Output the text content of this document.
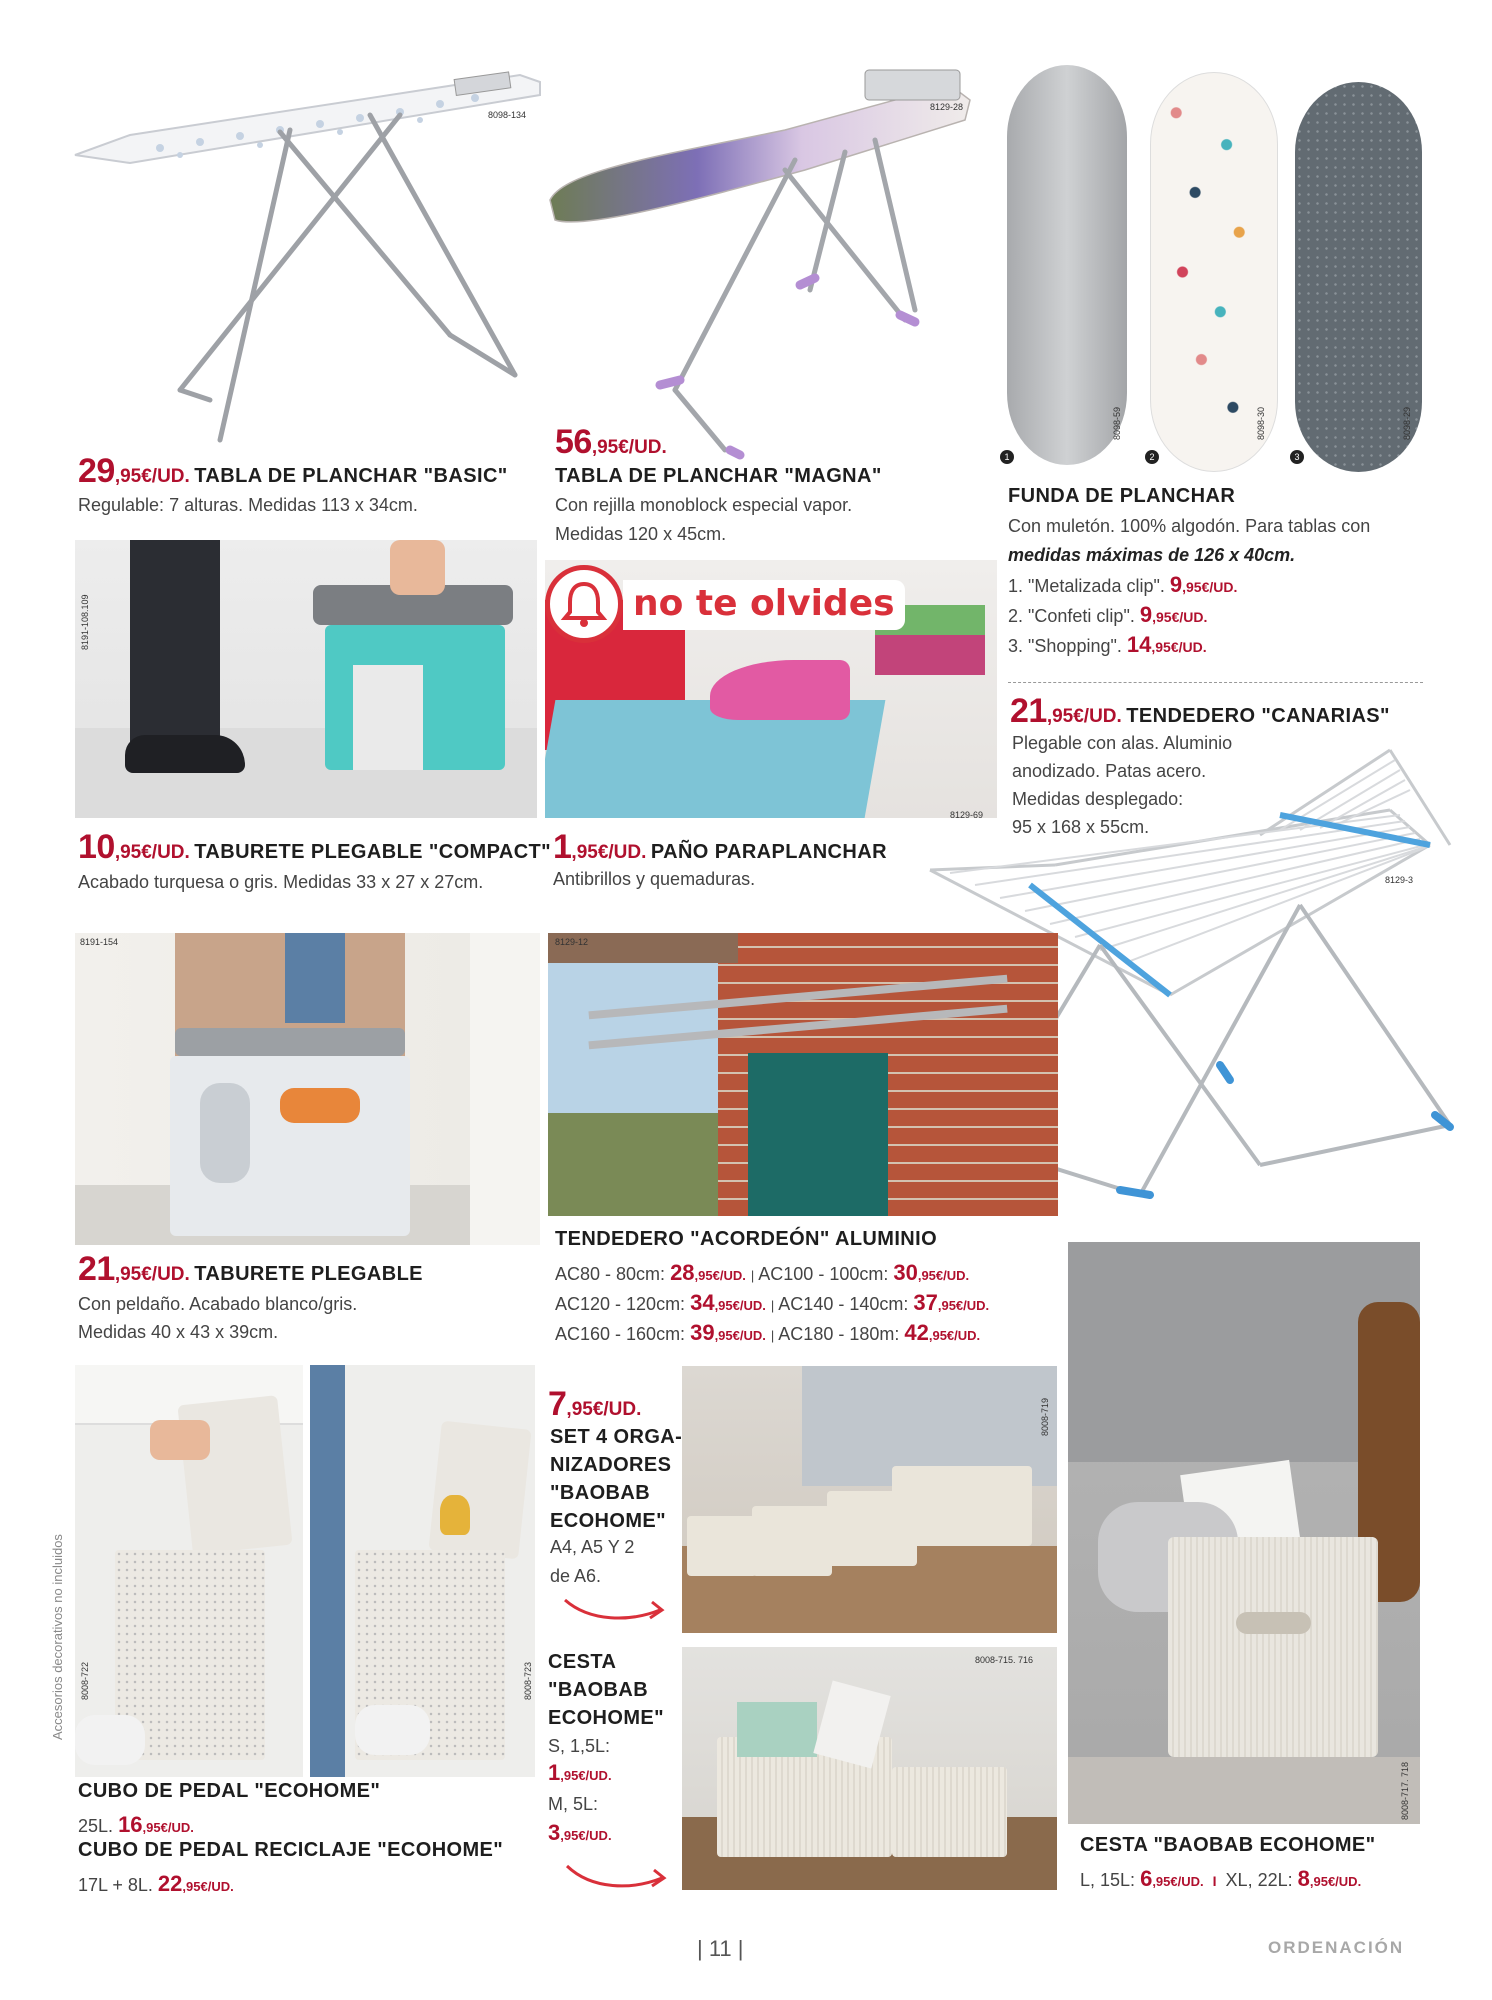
8098-134
8129-28
8098-59	8098-30	8098-29
1	2	3
29,95€/UD. TABLA DE PLANCHAR "BASIC"
Regulable: 7 alturas. Medidas 113 x 34cm.
56,95€/UD.
TABLA DE PLANCHAR "MAGNA"
Con rejilla monoblock especial vapor.
Medidas 120 x 45cm.
FUNDA DE PLANCHAR
Con muletón. 100% algodón. Para tablas con
medidas máximas de 126 x 40cm.
1. "Metalizada clip". 9,95€/UD.
2. "Confeti clip". 9,95€/UD.
3. "Shopping". 14,95€/UD.
8191-108.109
8129-69
no te olvides
8129-3
21,95€/UD. TENDEDERO "CANARIAS"
Plegable con alas. Aluminio
anodizado. Patas acero.
Medidas desplegado:
95 x 168 x 55cm.
10,95€/UD. TABURETE PLEGABLE "COMPACT"
Acabado turquesa o gris. Medidas 33 x 27 x 27cm.
1,95€/UD. PAÑO PARAPLANCHAR
Antibrillos y quemaduras.
8191-154	8129-12
21,95€/UD. TABURETE PLEGABLE
Con peldaño. Acabado blanco/gris.
Medidas 40 x 43 x 39cm.
TENDEDERO "ACORDEÓN" ALUMINIO
AC80 - 80cm: 28,95€/UD. | AC100 - 100cm: 30,95€/UD.
AC120 - 120cm: 34,95€/UD. | AC140 - 140cm: 37,95€/UD.
AC160 - 160cm: 39,95€/UD. | AC180 - 180m: 42,95€/UD.
8008-717. 718
8008-722	8008-723
Accesorios decorativos no incluidos
7,95€/UD.
SET 4 ORGA-
NIZADORES
"BAOBAB
ECOHOME"
A4, A5 Y 2
de A6.
8008-719
CESTA
"BAOBAB
ECOHOME"
S, 1,5L:
1,95€/UD.
M, 5L:
3,95€/UD.
8008-715. 716
CUBO DE PEDAL "ECOHOME"
25L. 16,95€/UD.
CUBO DE PEDAL RECICLAJE "ECOHOME"
17L + 8L. 22,95€/UD.
CESTA "BAOBAB ECOHOME"
L, 15L: 6,95€/UD. I XL, 22L: 8,95€/UD.
| 11 |	ORDENACIÓN
